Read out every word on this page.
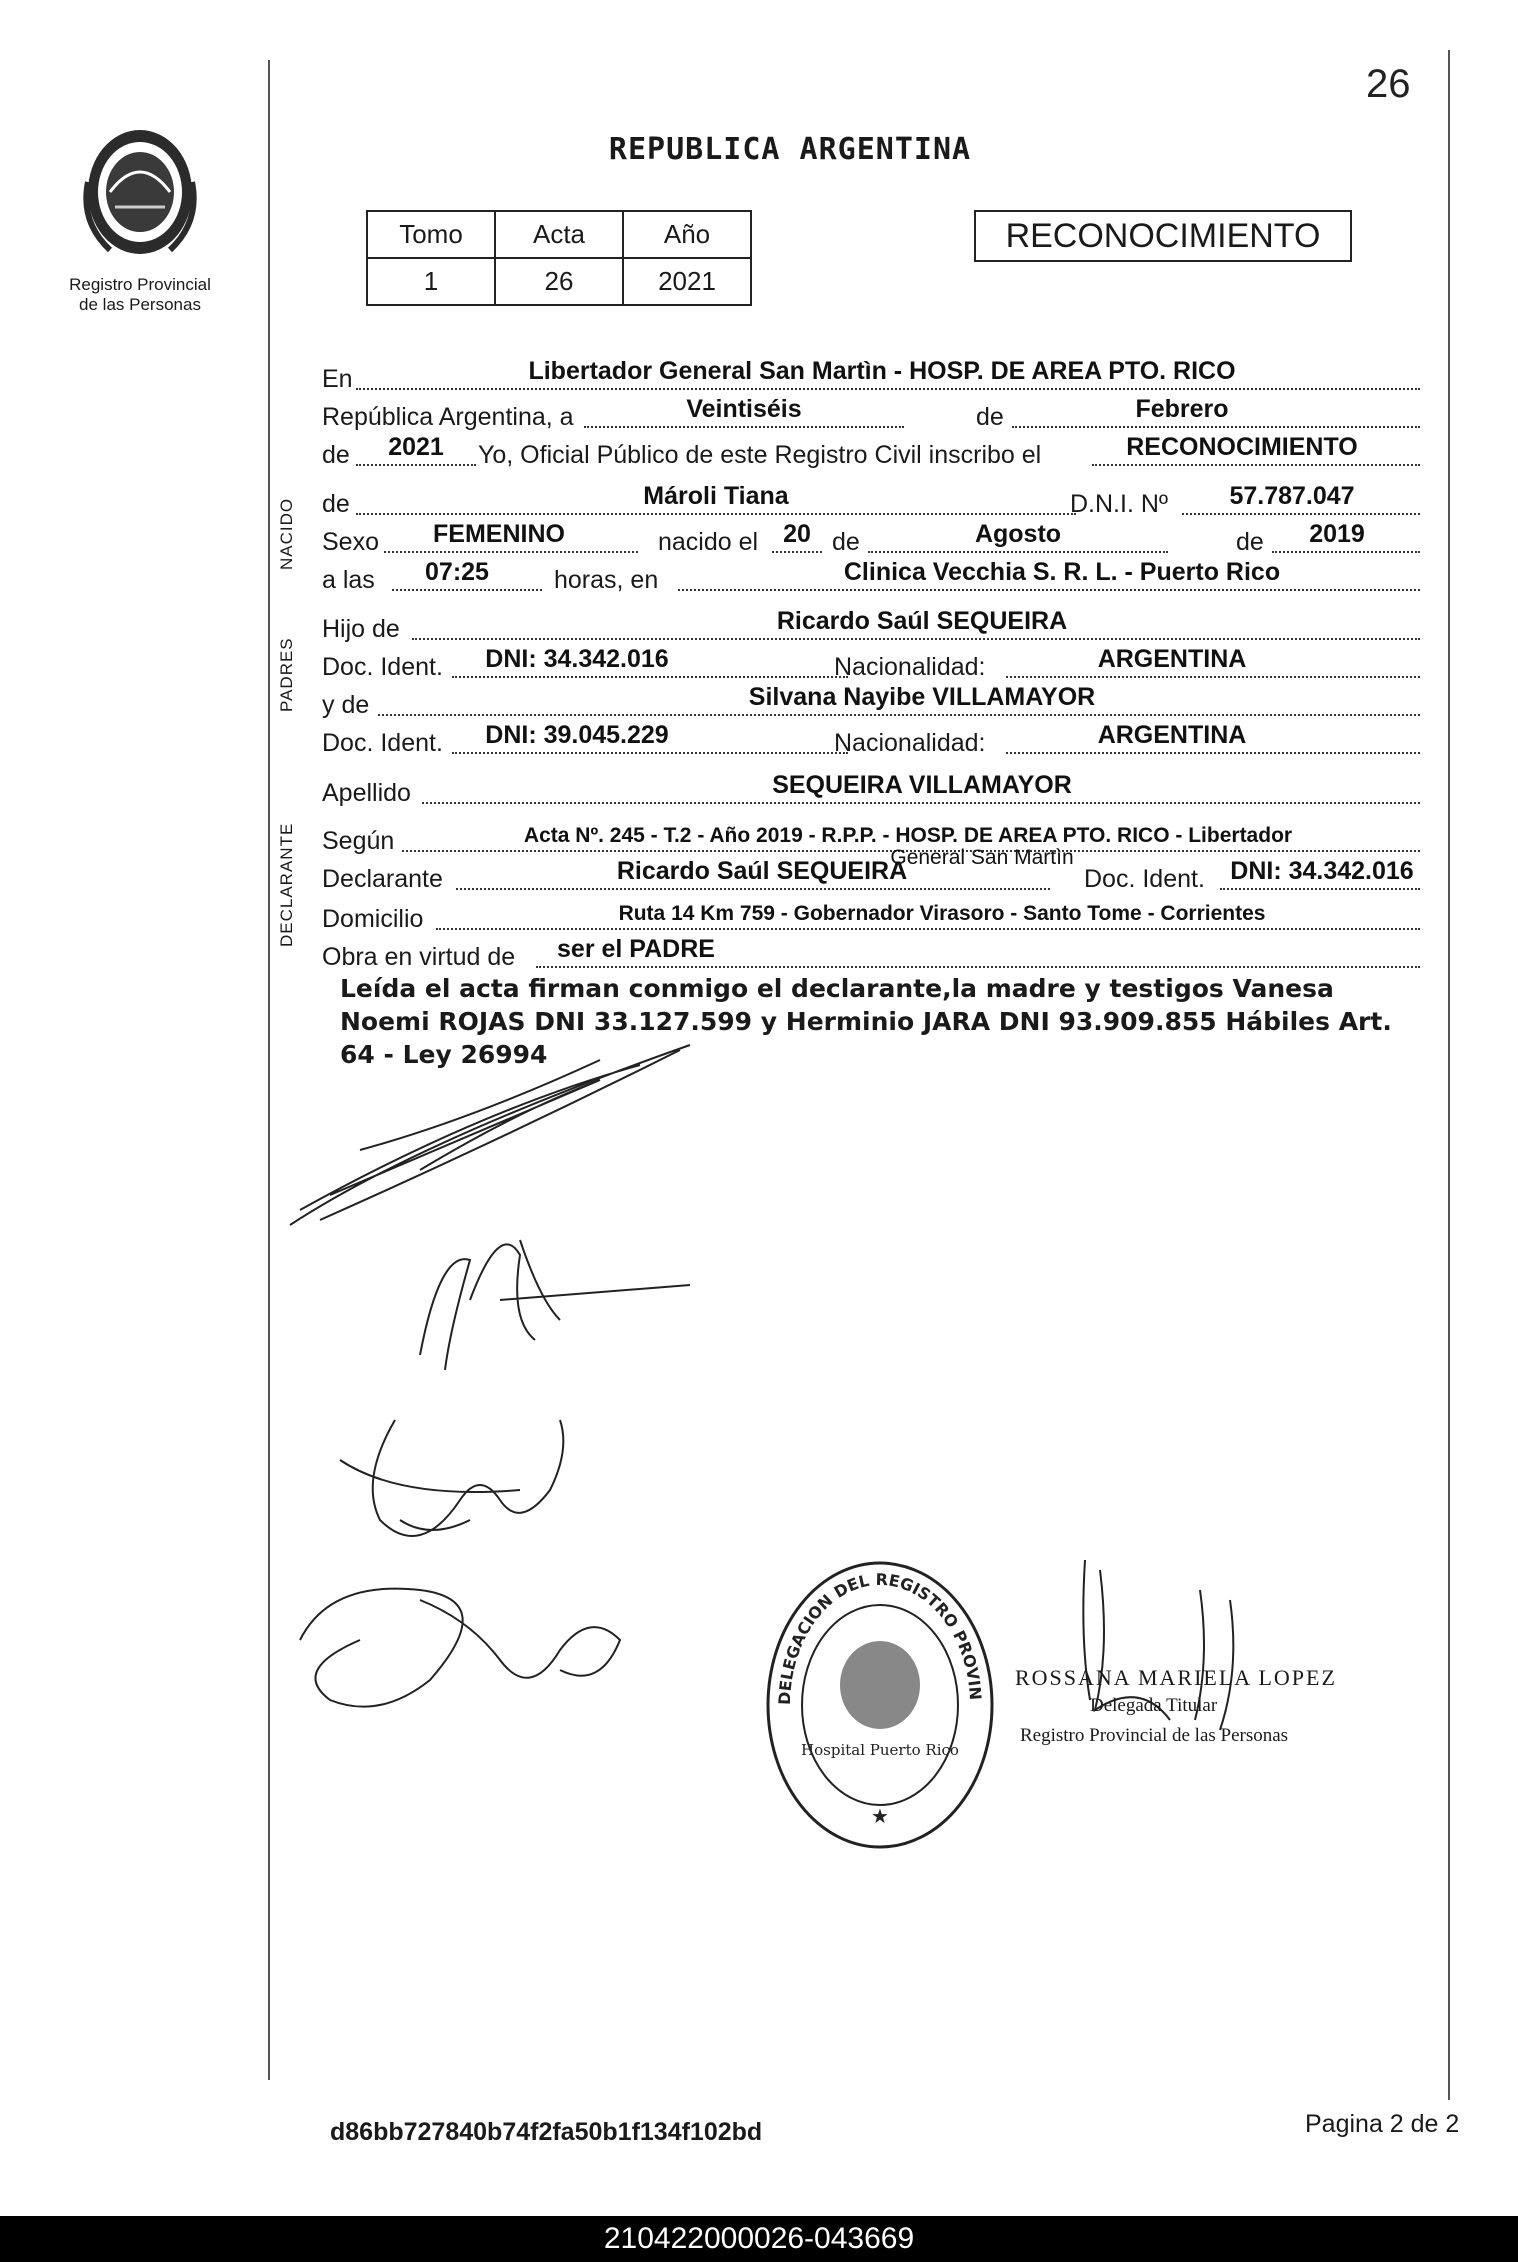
26
Registro Provincial
de las Personas
REPUBLICA ARGENTINA
Tomo	Acta	Año
1	26	2021
RECONOCIMIENTO
En	Libertador General San Martìn - HOSP. DE AREA PTO. RICO
República Argentina, a	Veintiséis	de	Febrero
de	2021	Yo, Oficial Público de este Registro Civil inscribo el	RECONOCIMIENTO
de	Mároli Tiana	D.N.I. Nº	57.787.047
Sexo	FEMENINO	nacido el	20 de	Agosto	de	2019
a las	07:25	horas, en	Clinica Vecchia S. R. L. - Puerto Rico
Hijo de	Ricardo Saúl SEQUEIRA
Doc. Ident.	DNI: 34.342.016	Nacionalidad:	ARGENTINA
y de	Silvana Nayibe VILLAMAYOR
Doc. Ident.	DNI: 39.045.229	Nacionalidad:	ARGENTINA
Apellido	SEQUEIRA VILLAMAYOR
Según	Acta Nº. 245 - T.2 - Año 2019 - R.P.P. - HOSP. DE AREA PTO. RICO - Libertador
General San Martìn
Declarante	Ricardo Saúl SEQUEIRA	Doc. Ident.	DNI: 34.342.016
Domicilio	Ruta 14 Km 759 - Gobernador Virasoro - Santo Tome - Corrientes
Obra en virtud de	ser el PADRE
NACIDO
PADRES
DECLARANTE
Leída el acta firman conmigo el declarante,la madre y testigos Vanesa Noemi ROJAS DNI 33.127.599 y Herminio JARA DNI 93.909.855 Hábiles Art. 64 - Ley 26994
DELEGACION DEL REGISTRO PROVINCIAL DE LAS PERSONAS
Hospital Puerto Rico
★
ROSSANA MARIELA LOPEZ
Delegada Titular
Registro Provincial de las Personas
d86bb727840b74f2fa50b1f134f102bd	Pagina 2 de 2
210422000026-043669
